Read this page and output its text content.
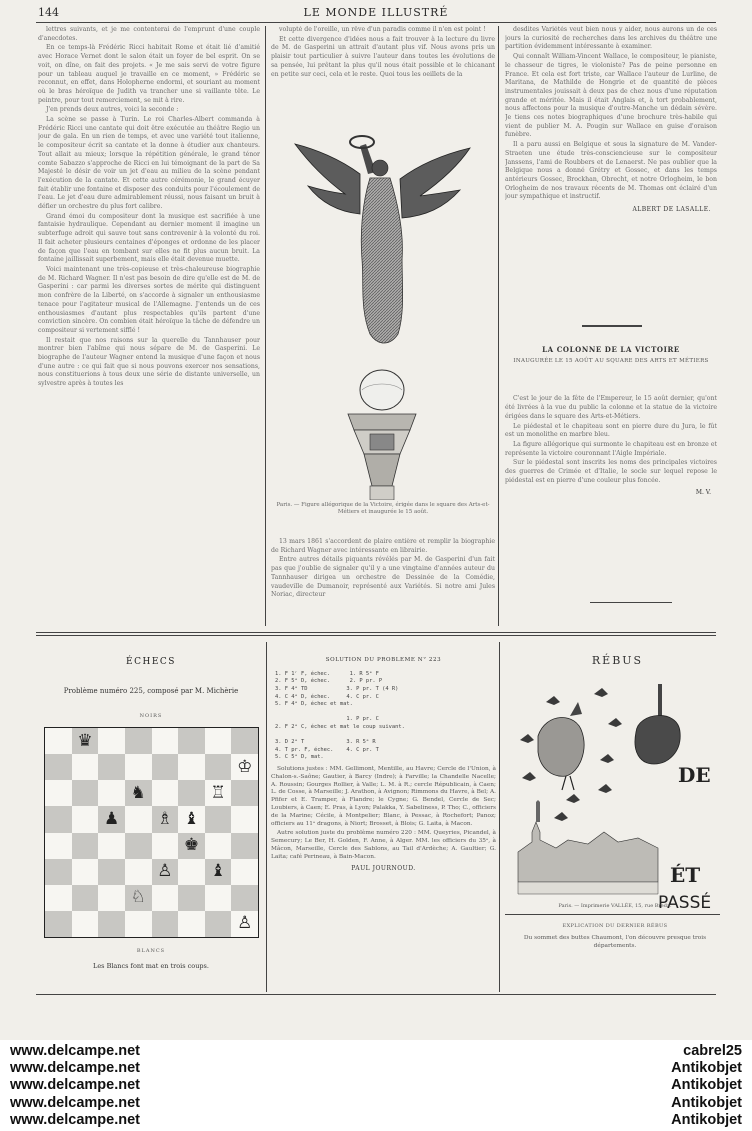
144	LE MONDE ILLUSTRÉ

lettres suivants, et je me contenterai de l'emprunt d'une couple d'anecdotes.

En ce temps-là Frédéric Ricci habitait Rome et était lié d'amitié avec Horace Vernet dont le salon était un foyer de bel esprit. On se voit, on dîne, on fait des projets. « Je me sais servi de votre figure pour un tableau auquel je travaille en ce moment, » Frédéric se reconnut, en effet, dans Holopherne endormi, et souriant au moment où le bras héroïque de Judith va trancher une si vaillante tête. Le peintre, pour tout remerciement, se mit à rire.

J'en prends deux autres, voici la seconde :

La scène se passe à Turin. Le roi Charles-Albert commanda à Frédéric Ricci une cantate qui doit être exécutée au théâtre Regio un jour de gala. En un rien de temps, et avec une variété tout italienne, le compositeur écrit sa cantate et la donne à étudier aux chanteurs. Tout allait au mieux; lorsque la répétition générale, le grand ténor comte Sabazzo s'approche de Ricci en lui témoignant de la part de Sa Majesté le désir de voir un jet d'eau au milieu de la scène pendant l'exécution de la cantate. Et cette autre cérémonie, le grand écuyer fait établir une fontaine et disposer des conduits pour l'écoulement de l'eau. Le jet d'eau dure admirablement réussi, nous faisant un bruit à défier un orchestre du plus fort calibre.

Grand émoi du compositeur dont la musique est sacrifiée à une fantaisie hydraulique. Cependant au dernier moment il imagine un subterfuge adroit qui sauve tout sans contrevenir à la volonté du roi. Il fait acheter plusieurs centaines d'éponges et ordonne de les placer de façon que l'eau en tombant sur elles ne fit plus aucun bruit. La fontaine jaillissait superbement, mais elle était devenue muette.

Voici maintenant une très-copieuse et très-chaleureuse biographie de M. Richard Wagner. Il n'est pas besoin de dire qu'elle est de M. de Gasperini : car parmi les diverses sortes de mérite qui distinguent mon confrère de la Liberté, on s'accorde à signaler un enthousiasme tenace pour l'agitateur musical de l'Allemagne. J'entends un de ces enthousiasmes d'autant plus respectables qu'ils partent d'une conviction sincère. On combien était héroïque la tâche de défendre un compositeur si vertement sifflé !

Il restait que nos raisons sur la querelle du Tannhauser pour montrer bien l'abîme qui nous sépare de M. de Gasperini. Le biographe de l'auteur Wagner entend la musique d'une façon et nous d'une autre : ce qui fait que si nous pouvons exercer nos sensations, nous constituerions à tous deux une série de distante universelle, un sylvestre après à toutes les

volupté de l'oreille, un rêve d'un paradis comme il n'en est point !

Et cette divergence d'idées nous a fait trouver à la lecture du livre de M. de Gasperini un attrait d'autant plus vif. Nous avons pris un plaisir tout particulier à suivre l'auteur dans toutes les évolutions de sa pensée, lui prêtant la plus qu'il nous était possible et le chicanant en petite sur ceci, cela et le reste. Quoi tous les oeillets de la

Paris. — Figure allégorique de la Victoire, érigée dans le square des Arts-et-Métiers et inaugurée le 15 août.

13 mars 1861 s'accordent de plaire entière et remplir la biographie de Richard Wagner avec intéressante en librairie.

Entre autres détails piquants révélés par M. de Gasperini d'un fait pas que j'oublie de signaler qu'il y a une vingtaine d'années auteur du Tannhauser dirigea un orchestre de Dessinée de la Comédie, vaudeville de Dumanoir, représenté aux Variétés. Si notre ami Jules Noriac, directeur

desdites Variétés veut bien nous y aider, nous aurons un de ces jours la curiosité de recherches dans les archives du théâtre une partition évidemment intéressante à examiner.

Qui connaît William-Vincent Wallace, le compositeur, le pianiste, le chasseur de tigres, le violoniste? Pas de peine personne en France. Et cela est fort triste, car Wallace l'auteur de Lurline, de Maritana, de Mathilde de Hongrie et de quantité de pièces instrumentales jouissait à deux pas de chez nous d'une réputation grande et méritée. Mais il était Anglais et, à tort probablement, nous affectons pour la musique d'outre-Manche un dédain sévère. Je tiens ces notes biographiques d'une brochure très-habile qui vient de publier M. A. Pougin sur Wallace en guise d'oraison funèbre.

Il a paru aussi en Belgique et sous la signature de M. Vander-Straeten une étude très-consciencieuse sur le compositeur Janssens, l'ami de Roubbers et de Lenaerst. Ne pas oublier que la Belgique nous a donné Grétry et Gossec, et dans les temps antérieurs Gossec, Brockhan, Obrecht, et notre Orlogheim, le bon Orlogheim de nos travaux récents de M. Thomas ont éclairé d'un jour sympathique et instructif.

ALBERT DE LASALLE.
LA COLONNE DE LA VICTOIRE
INAUGURÉE LE 15 AOÛT AU SQUARE DES ARTS ET MÉTIERS

C'est le jour de la fête de l'Empereur, le 15 août dernier, qu'ont été livrées à la vue du public la colonne et la statue de la victoire érigées dans le square des Arts-et-Métiers.

Le piédestal et le chapiteau sont en pierre dure du Jura, le fût est un monolithe en marbre bleu.

La figure allégorique qui surmonte le chapiteau est en bronze et représente la victoire couronnant l'Aigle Impériale.

Sur le piédestal sont inscrits les noms des principales victoires des guerres de Crimée et d'Italie, le socle sur lequel repose le piédestal est en pierre d'une couleur plus foncée.

M. V.
ÉCHECS
Problème numéro 225, composé par M. Michèrie
NOIRS
♛
♔
♞	♖
♟	♗ ♝
♚
♙	♝
♘
♙
BLANCS
Les Blancs font mat en trois coups.
SOLUTION DU PROBLÈME N° 223
1. F 1ʳ F, échec.      1. R 5ᵉ F
2. F 5ᵉ D, échec.      2. P pr. P
3. F 4ᵉ TD            3. P pr. T (4 R)
4. C 4ᵉ D, échec.     4. C pr. C
5. F 4ᵉ D, échec et mat.

1. P pr. C
2. F 2ᵉ C, échec et mat le coup suivant.

3. D 2ᵉ T             3. R 5ᵉ R
4. T pr. F, échec.    4. C pr. T
5. C 5ᵉ D, mat.

Solutions justes : MM. Gellimont, Mentille, au Havre; Cercle de l'Union, à Chalon-s.-Saône; Gautier, à Barcy (Indre); à Farville; la Chandelle Nacelle; A. Roussin; Gourges Rollier, à Valle; L. M. à R.; cercle Républicain, à Caen; L. de Cosse, à Marseille; J. Arathon, à Avignon; Rimmons du Havre, à Bel; A. Pfifer et E. Tramper, à Flandre; le Cygne; G. Bendel, Cercle de Sec; Loubiers, à Caen; E. Pras, à Lyon; Palakka, Y. Sabeliness, P. Tho; C., officiers de la Marine; Cécile, à Montpelier; Blanc, à Pessac, à Rochefort; Panoz; officiers au 11ᵉ dragons, à Niort; Brosset, à Blois; G. Laita, à Macon.

Autre solution juste du problème numéro 220 : MM. Queyries, Picandel, à Semecury; Le Ber, H. Golden, F. Anne, à Alger. MM. les officiers du 35ᵉ, à Mâcon, Marseille, Cercle des Sablons, au Tail d'Ardèche; A. Gaultier; G. Laita; café Perineau, à Bain-Macon.

PAUL JOURNOUD.
RÉBUS
DE
ÉT
PASSÉ
Paris. — Imprimerie VALLÉE, 15, rue Breda.
EXPLICATION DU DERNIER RÉBUS
Du sommet des buttes Chaumont, l'on découvre presque trois départements.
www.delcampe.net
www.delcampe.net
www.delcampe.net
www.delcampe.net
www.delcampe.net
cabrel25
Antikobjet
Antikobjet
Antikobjet
Antikobjet
